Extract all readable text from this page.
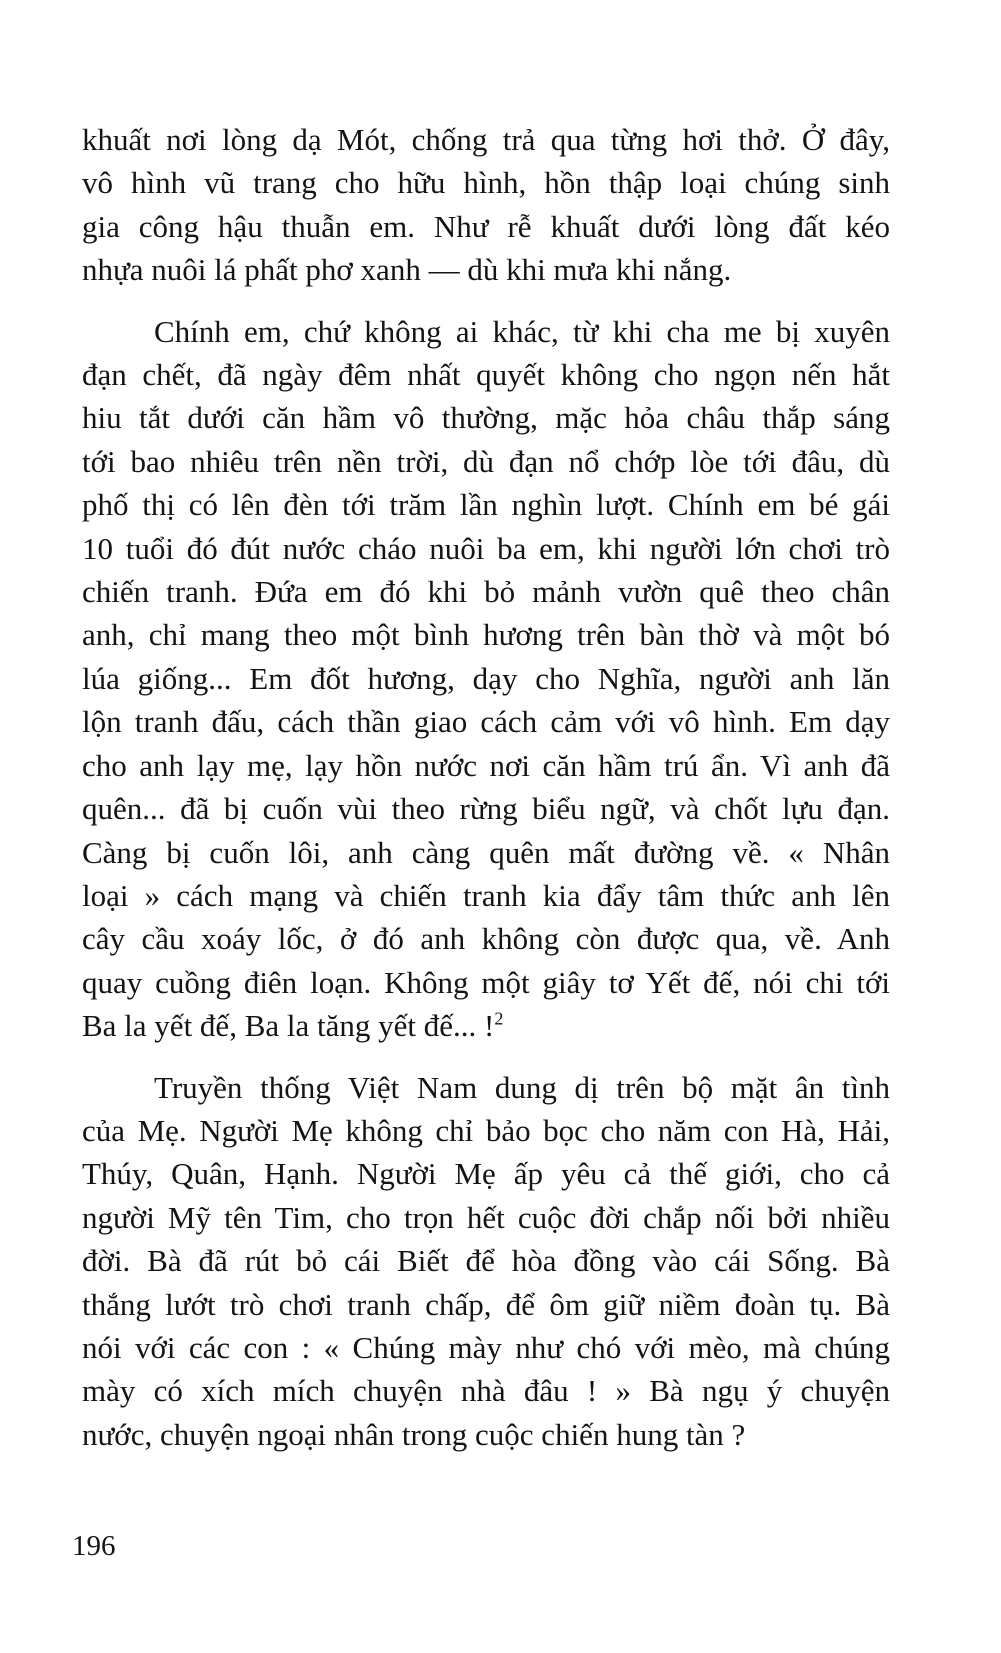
khuất nơi lòng dạ Mót, chống trả qua từng hơi thở. Ở đây,
vô hình vũ trang cho hữu hình, hồn thập loại chúng sinh
gia công hậu thuẫn em. Như rễ khuất dưới lòng đất kéo
nhựa nuôi lá phất phơ xanh — dù khi mưa khi nắng.

Chính em, chứ không ai khác, từ khi cha me bị xuyên
đạn chết, đã ngày đêm nhất quyết không cho ngọn nến hắt
hiu tắt dưới căn hầm vô thường, mặc hỏa châu thắp sáng
tới bao nhiêu trên nền trời, dù đạn nổ chớp lòe tới đâu, dù
phố thị có lên đèn tới trăm lần nghìn lượt. Chính em bé gái
10 tuổi đó đút nước cháo nuôi ba em, khi người lớn chơi trò
chiến tranh. Đứa em đó khi bỏ mảnh vườn quê theo chân
anh, chỉ mang theo một bình hương trên bàn thờ và một bó
lúa giống... Em đốt hương, dạy cho Nghĩa, người anh lăn
lộn tranh đấu, cách thần giao cách cảm với vô hình. Em dạy
cho anh lạy mẹ, lạy hồn nước nơi căn hầm trú ẩn. Vì anh đã
quên... đã bị cuốn vùi theo rừng biểu ngữ, và chốt lựu đạn.
Càng bị cuốn lôi, anh càng quên mất đường về. « Nhân
loại » cách mạng và chiến tranh kia đẩy tâm thức anh lên
cây cầu xoáy lốc, ở đó anh không còn được qua, về. Anh
quay cuồng điên loạn. Không một giây tơ Yết đế, nói chi tới
Ba la yết đế, Ba la tăng yết đế... !$^2$

Truyền thống Việt Nam dung dị trên bộ mặt ân tình
của Mẹ. Người Mẹ không chỉ bảo bọc cho năm con Hà, Hải,
Thúy, Quân, Hạnh. Người Mẹ ấp yêu cả thế giới, cho cả
người Mỹ tên Tim, cho trọn hết cuộc đời chắp nối bởi nhiều
đời. Bà đã rút bỏ cái Biết để hòa đồng vào cái Sống. Bà
thắng lướt trò chơi tranh chấp, để ôm giữ niềm đoàn tụ. Bà
nói với các con : « Chúng mày như chó với mèo, mà chúng
mày có xích mích chuyện nhà đâu ! » Bà ngụ ý chuyện
nước, chuyện ngoại nhân trong cuộc chiến hung tàn ?

196
